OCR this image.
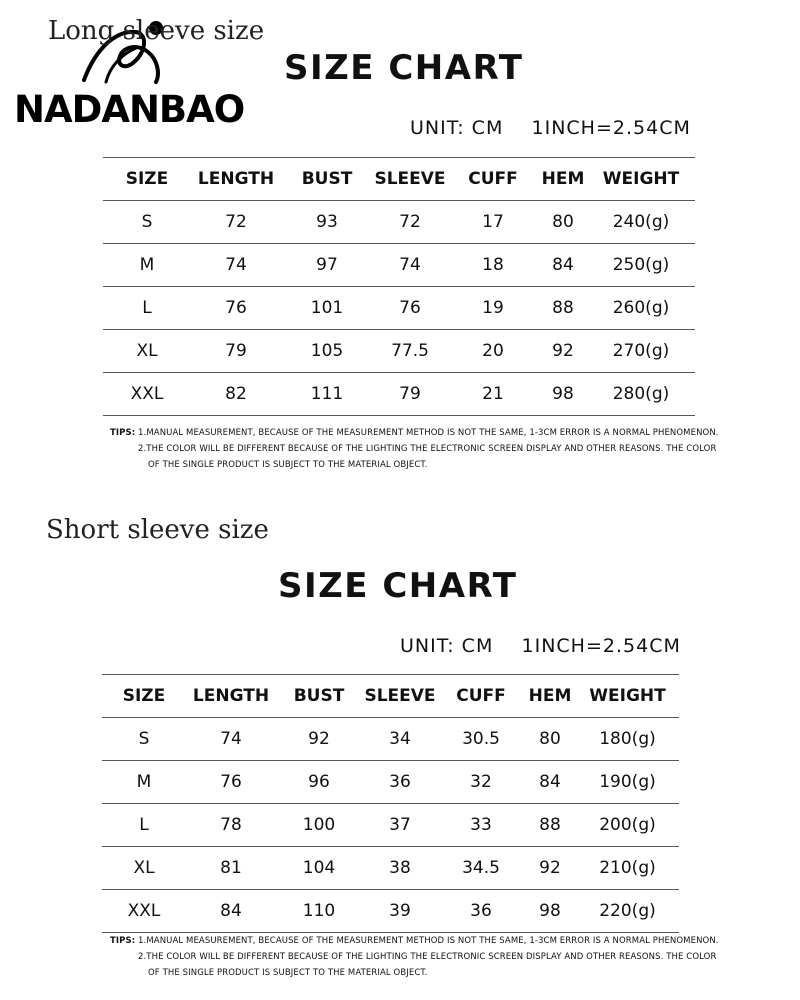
NADANBAO
Long sleeve size
SIZE CHART
UNIT: CM 1INCH=2.54CM
SIZE	LENGTH	BUST	SLEEVE	CUFF	HEM	WEIGHT
S	72	93	72	17	80	240(g)
M	74	97	74	18	84	250(g)
L	76	101	76	19	88	260(g)
XL	79	105	77.5	20	92	270(g)
XXL	82	111	79	21	98	280(g)
TIPS: 1.MANUAL MEASUREMENT, BECAUSE OF THE MEASUREMENT METHOD IS NOT THE SAME, 1-3CM ERROR IS A NORMAL PHENOMENON.
2.THE COLOR WILL BE DIFFERENT BECAUSE OF THE LIGHTING THE ELECTRONIC SCREEN DISPLAY AND OTHER REASONS. THE COLOR
OF THE SINGLE PRODUCT IS SUBJECT TO THE MATERIAL OBJECT.
Short sleeve size
SIZE CHART
UNIT: CM 1INCH=2.54CM
SIZE	LENGTH	BUST	SLEEVE	CUFF	HEM	WEIGHT
S	74	92	34	30.5	80	180(g)
M	76	96	36	32	84	190(g)
L	78	100	37	33	88	200(g)
XL	81	104	38	34.5	92	210(g)
XXL	84	110	39	36	98	220(g)
TIPS: 1.MANUAL MEASUREMENT, BECAUSE OF THE MEASUREMENT METHOD IS NOT THE SAME, 1-3CM ERROR IS A NORMAL PHENOMENON.
2.THE COLOR WILL BE DIFFERENT BECAUSE OF THE LIGHTING THE ELECTRONIC SCREEN DISPLAY AND OTHER REASONS. THE COLOR
OF THE SINGLE PRODUCT IS SUBJECT TO THE MATERIAL OBJECT.
